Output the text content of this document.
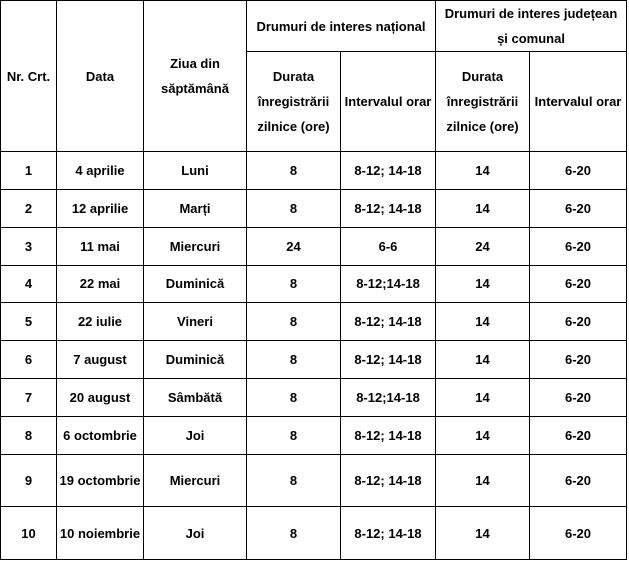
Nr. Crt.	Data	Ziua din săptămână	Drumuri de interes național		Drumuri de interes județean și comunal	
			Durata înregistrării zilnice (ore)	Intervalul orar	Durata înregistrării zilnice (ore)	Intervalul orar
1	4 aprilie	Luni	8	8-12; 14-18	14	6-20
2	12 aprilie	Marți	8	8-12; 14-18	14	6-20
3	11 mai	Miercuri	24	6-6	24	6-20
4	22 mai	Duminică	8	8-12;14-18	14	6-20
5	22 iulie	Vineri	8	8-12; 14-18	14	6-20
6	7 august	Duminică	8	8-12; 14-18	14	6-20
7	20 august	Sâmbătă	8	8-12;14-18	14	6-20
8	6 octombrie	Joi	8	8-12; 14-18	14	6-20
9	19 octombrie	Miercuri	8	8-12; 14-18	14	6-20
10	10 noiembrie	Joi	8	8-12; 14-18	14	6-20
